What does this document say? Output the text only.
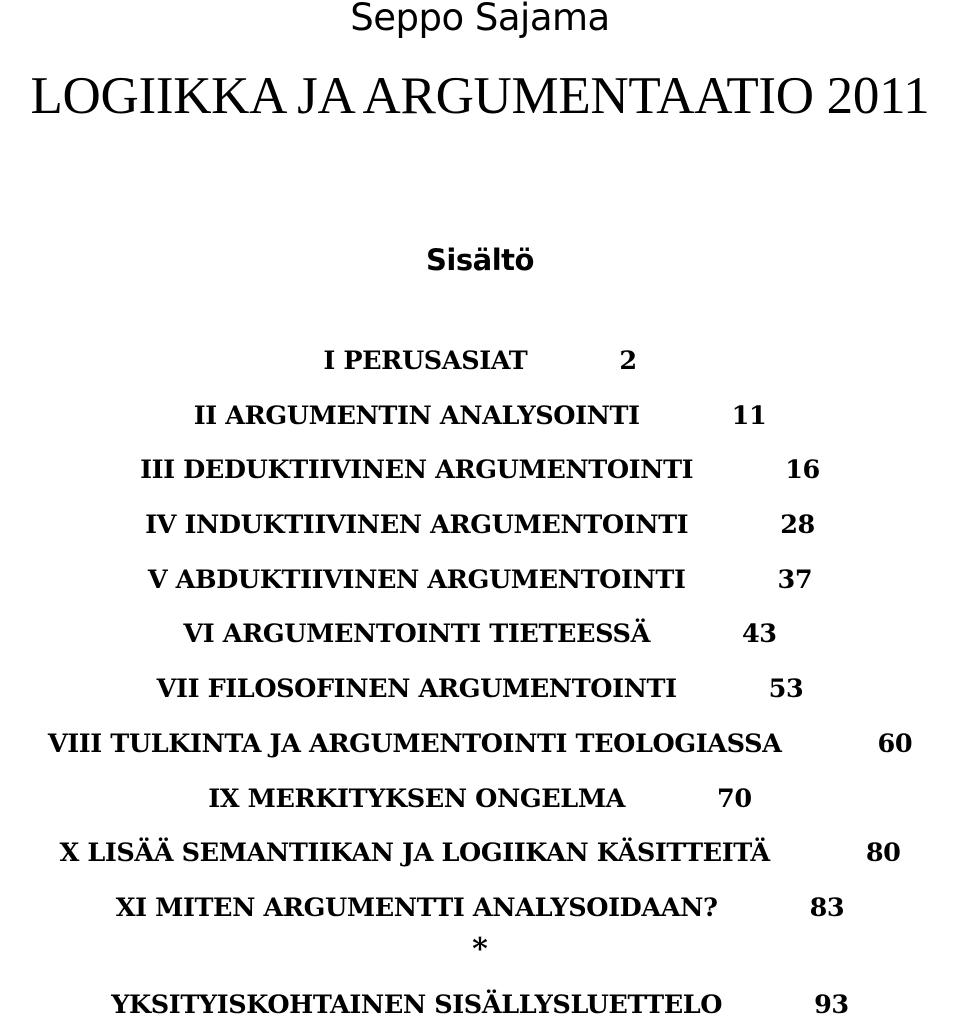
Seppo Sajama
LOGIIKKA JA ARGUMENTAATIO 2011
Sisältö
I PERUSASIAT	2
II ARGUMENTIN ANALYSOINTI	11
III DEDUKTIIVINEN ARGUMENTOINTI	16
IV INDUKTIIVINEN ARGUMENTOINTI	28
V ABDUKTIIVINEN ARGUMENTOINTI	37
VI ARGUMENTOINTI TIETEESSÄ	43
VII FILOSOFINEN ARGUMENTOINTI	53
VIII TULKINTA JA ARGUMENTOINTI TEOLOGIASSA	60
IX MERKITYKSEN ONGELMA	70
X LISÄÄ SEMANTIIKAN JA LOGIIKAN KÄSITTEITÄ	80
XI MITEN ARGUMENTTI ANALYSOIDAAN?	83
*
YKSITYISKOHTAINEN SISÄLLYSLUETTELO	93
